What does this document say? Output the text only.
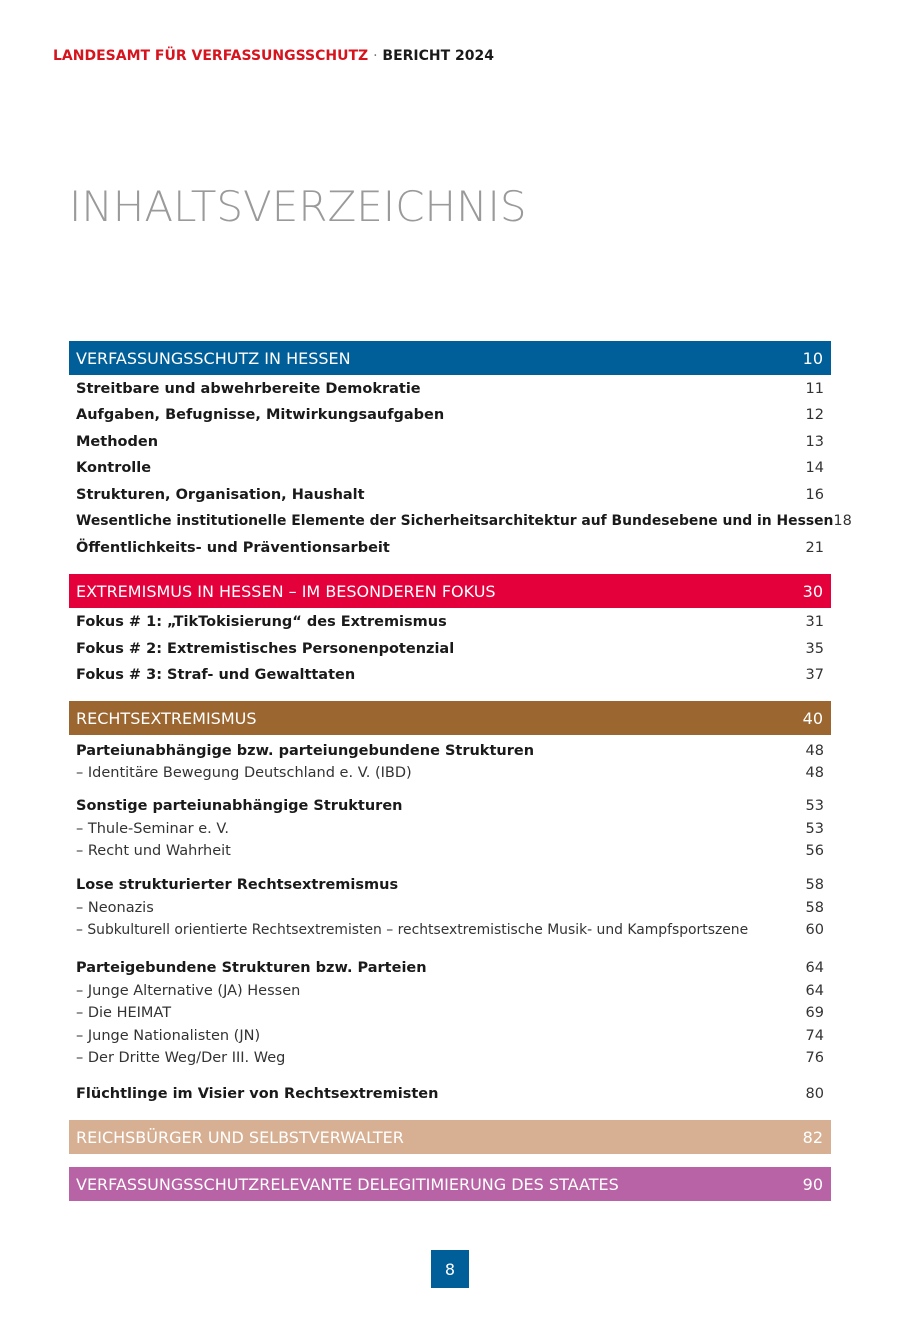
LANDESAMT FÜR VERFASSUNGSSCHUTZ · BERICHT 2024
INHALTSVERZEICHNIS
VERFASSUNGSSCHUTZ IN HESSEN	10
Streitbare und abwehrbereite Demokratie	11
Aufgaben, Befugnisse, Mitwirkungsaufgaben	12
Methoden	13
Kontrolle	14
Strukturen, Organisation, Haushalt	16
Wesentliche institutionelle Elemente der Sicherheitsarchitektur auf Bundesebene und in Hessen 18
Öffentlichkeits- und Präventionsarbeit	21
EXTREMISMUS IN HESSEN – IM BESONDEREN FOKUS	30
Fokus # 1: „TikTokisierung“ des Extremismus	31
Fokus # 2: Extremistisches Personenpotenzial	35
Fokus # 3: Straf- und Gewalttaten	37
RECHTSEXTREMISMUS	40
Parteiunabhängige bzw. parteiungebundene Strukturen	48
– Identitäre Bewegung Deutschland e. V. (IBD)	48
Sonstige parteiunabhängige Strukturen	53
– Thule-Seminar e. V.	53
– Recht und Wahrheit	56
Lose strukturierter Rechtsextremismus	58
– Neonazis	58
– Subkulturell orientierte Rechtsextremisten – rechtsextremistische Musik- und Kampfsportszene	60
Parteigebundene Strukturen bzw. Parteien	64
– Junge Alternative (JA) Hessen	64
– Die HEIMAT	69
– Junge Nationalisten (JN)	74
– Der Dritte Weg/Der III. Weg	76
Flüchtlinge im Visier von Rechtsextremisten	80
REICHSBÜRGER UND SELBSTVERWALTER	82
VERFASSUNGSSCHUTZRELEVANTE DELEGITIMIERUNG DES STAATES	90
8
